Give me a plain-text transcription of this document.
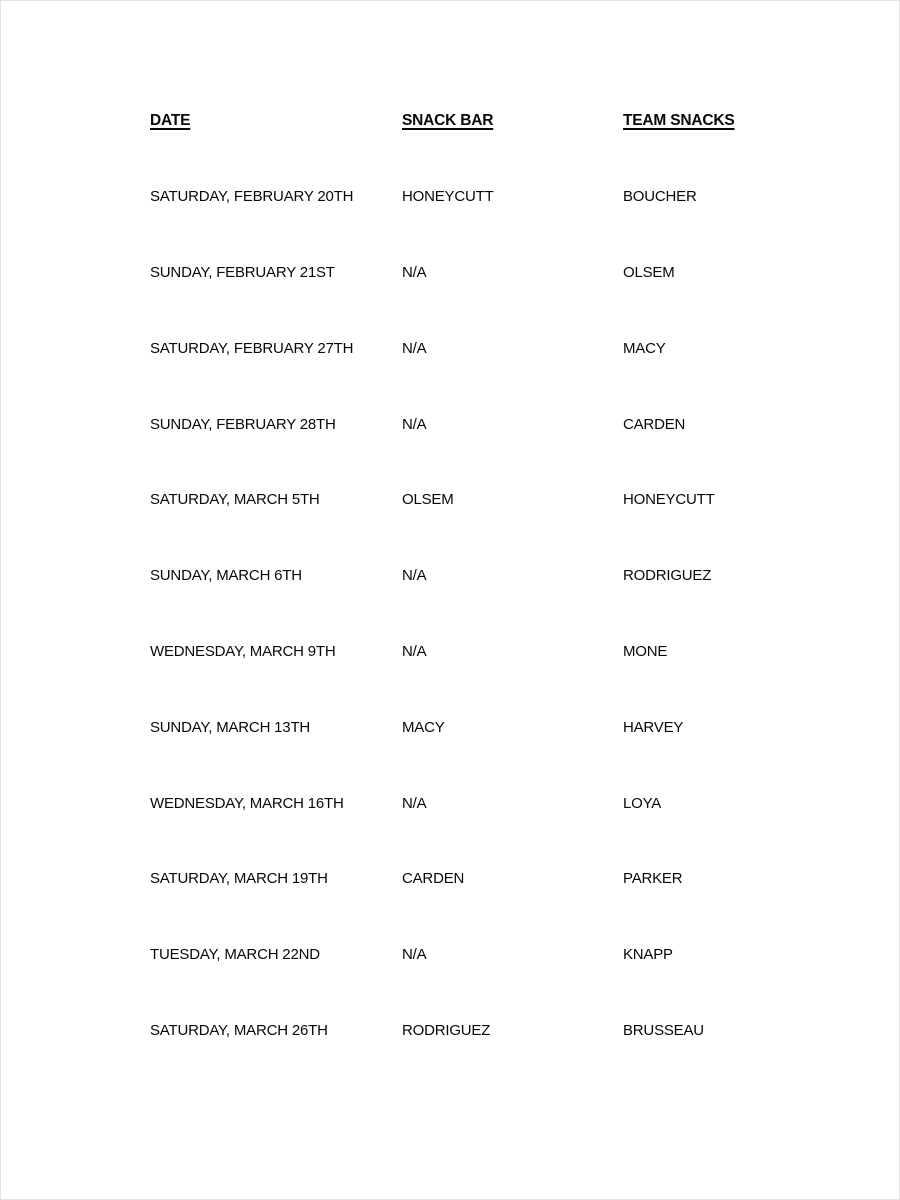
DATE	SNACK BAR	TEAM SNACKS
SATURDAY, FEBRUARY 20TH	HONEYCUTT	BOUCHER
SUNDAY, FEBRUARY 21ST	N/A	OLSEM
SATURDAY, FEBRUARY 27TH	N/A	MACY
SUNDAY, FEBRUARY 28TH	N/A	CARDEN
SATURDAY, MARCH 5TH	OLSEM	HONEYCUTT
SUNDAY, MARCH 6TH	N/A	RODRIGUEZ
WEDNESDAY, MARCH 9TH	N/A	MONE
SUNDAY, MARCH 13TH	MACY	HARVEY
WEDNESDAY, MARCH 16TH	N/A	LOYA
SATURDAY, MARCH 19TH	CARDEN	PARKER
TUESDAY, MARCH 22ND	N/A	KNAPP
SATURDAY, MARCH 26TH	RODRIGUEZ	BRUSSEAU
